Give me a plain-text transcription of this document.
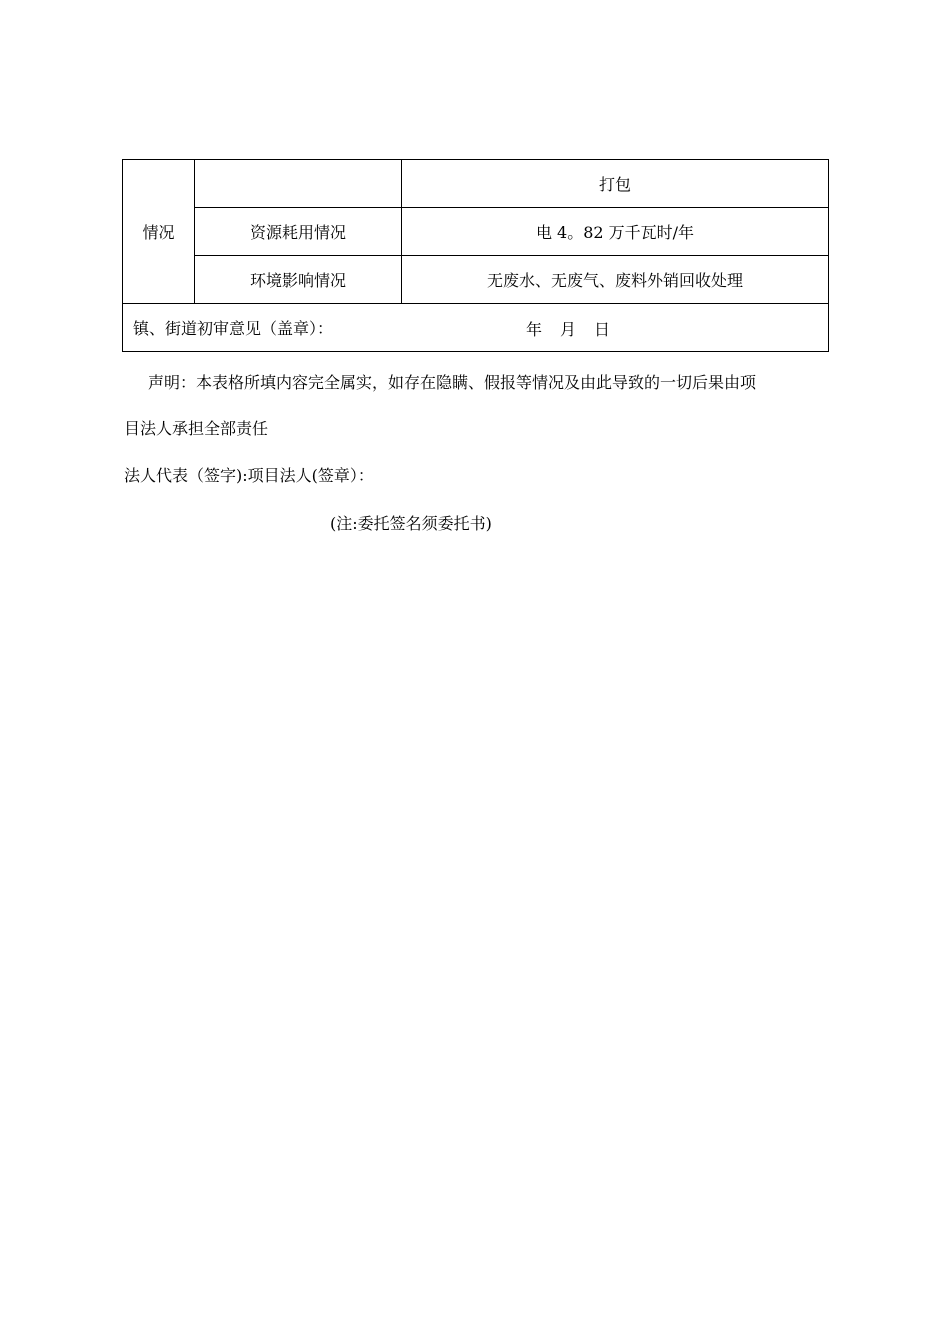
情况		打包
	资源耗用情况	电 4。82 万千瓦时/年
	环境影响情况	无废水、无废气、废料外销回收处理
镇、街道初审意见（盖章）： 年　月　日		
声明：本表格所填内容完全属实，如存在隐瞒、假报等情况及由此导致的一切后果由项
目法人承担全部责任
法人代表（签字):项目法人(签章）：
(注:委托签名须委托书)
